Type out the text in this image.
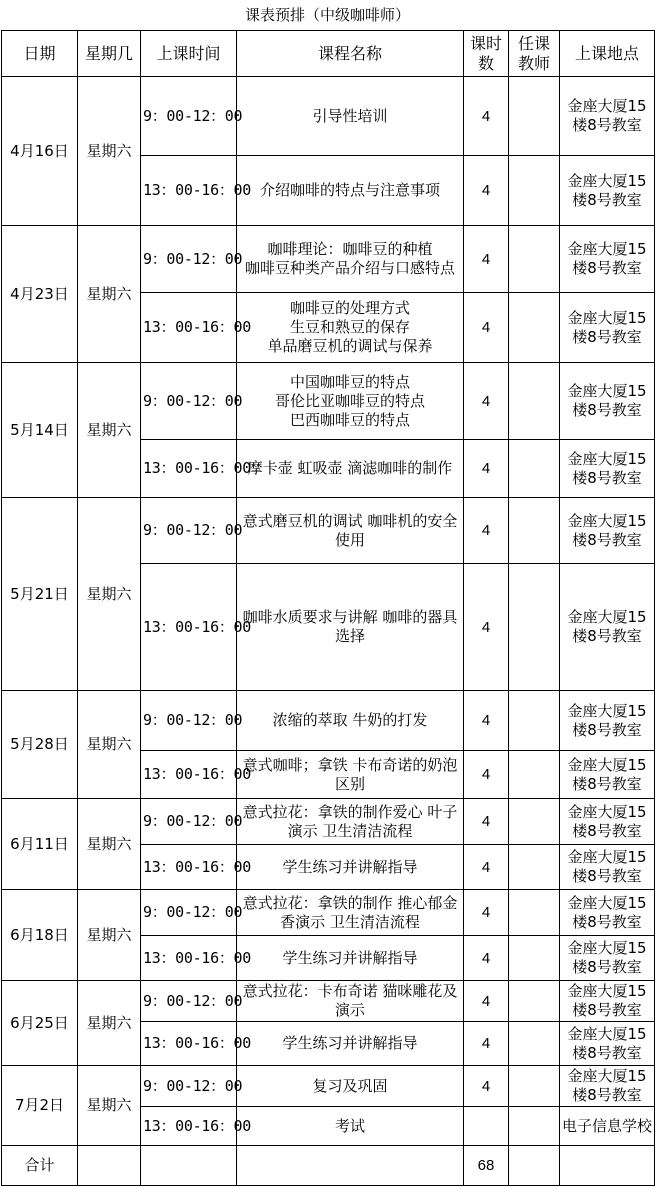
课表预排（中级咖啡师）
日期	星期几	上课时间	课程名称	课时数	任课教师	上课地点
4月16日	星期六	9：00-12：00	引导性培训	4		金座大厦15楼8号教室
		13：00-16：00	介绍咖啡的特点与注意事项	4		金座大厦15楼8号教室
4月23日	星期六	9：00-12：00	咖啡理论：咖啡豆的种植
咖啡豆种类产品介绍与口感特点	4		金座大厦15楼8号教室
		13：00-16：00	咖啡豆的处理方式
生豆和熟豆的保存
单品磨豆机的调试与保养	4		金座大厦15楼8号教室
5月14日	星期六	9：00-12：00	中国咖啡豆的特点
哥伦比亚咖啡豆的特点
巴西咖啡豆的特点	4		金座大厦15楼8号教室
		13：00-16：00	摩卡壶 虹吸壶 滴滤咖啡的制作	4		金座大厦15楼8号教室
5月21日	星期六	9：00-12：00	意式磨豆机的调试 咖啡机的安全使用	4		金座大厦15楼8号教室
		13：00-16：00	咖啡水质要求与讲解 咖啡的器具选择	4		金座大厦15楼8号教室
5月28日	星期六	9：00-12：00	浓缩的萃取 牛奶的打发	4		金座大厦15楼8号教室
		13：00-16：00	意式咖啡；拿铁 卡布奇诺的奶泡区别	4		金座大厦15楼8号教室
6月11日	星期六	9：00-12：00	意式拉花：拿铁的制作爱心 叶子演示 卫生清洁流程	4		金座大厦15楼8号教室
		13：00-16：00	学生练习并讲解指导	4		金座大厦15楼8号教室
6月18日	星期六	9：00-12：00	意式拉花：拿铁的制作 推心郁金香演示 卫生清洁流程	4		金座大厦15楼8号教室
		13：00-16：00	学生练习并讲解指导	4		金座大厦15楼8号教室
6月25日	星期六	9：00-12：00	意式拉花：卡布奇诺 猫咪雕花及演示	4		金座大厦15楼8号教室
		13：00-16：00	学生练习并讲解指导	4		金座大厦15楼8号教室
7月2日	星期六	9：00-12：00	复习及巩固	4		金座大厦15楼8号教室
		13：00-16：00	考试			电子信息学校
合计				68		
